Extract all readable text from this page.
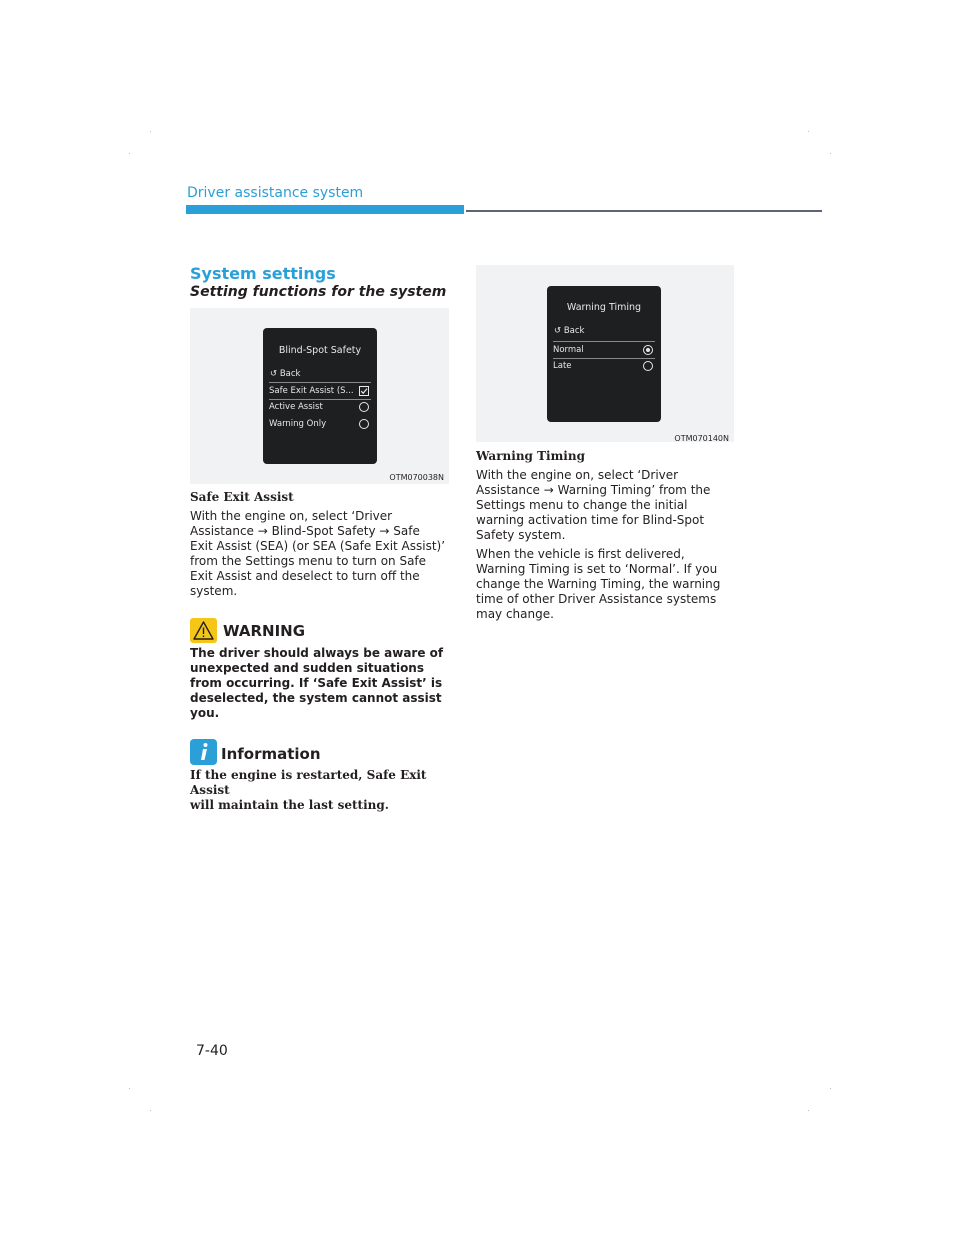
Driver assistance system
System settings
Setting functions for the system
Blind-Spot Safety
↺ Back
Safe Exit Assist (S...
Active Assist
Warning Only
OTM070038N
Safe Exit Assist
With the engine on, select ‘Driver
Assistance → Blind-Spot Safety → Safe
Exit Assist (SEA) (or SEA (Safe Exit Assist)’
from the Settings menu to turn on Safe
Exit Assist and deselect to turn off the
system.
WARNING
The driver should always be aware of
unexpected and sudden situations
from occurring. If ‘Safe Exit Assist’ is
deselected, the system cannot assist
you.
Information
If the engine is restarted, Safe Exit Assist
will maintain the last setting.
Warning Timing
↺ Back
Normal
Late
OTM070140N
Warning Timing
With the engine on, select ‘Driver
Assistance → Warning Timing’ from the
Settings menu to change the initial
warning activation time for Blind-Spot
Safety system.
When the vehicle is first delivered,
Warning Timing is set to ‘Normal’. If you
change the Warning Timing, the warning
time of other Driver Assistance systems
may change.
7-40
